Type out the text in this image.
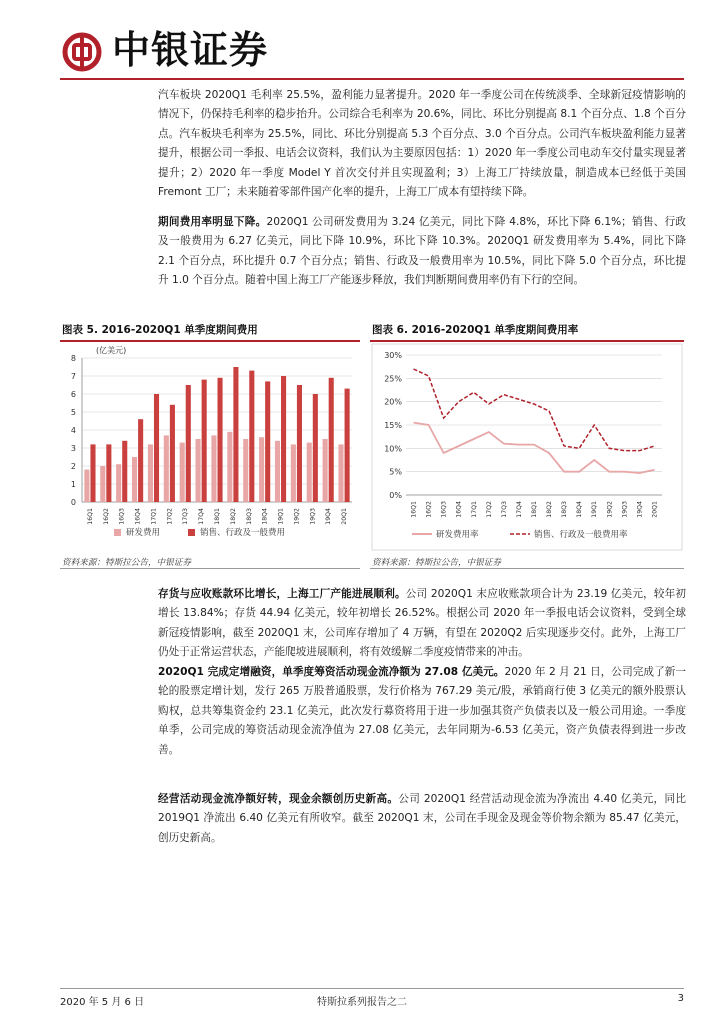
中银证券
汽车板块 2020Q1 毛利率 25.5%，盈利能力显著提升。2020 年一季度公司在传统淡季、全球新冠疫情影响的情况下，仍保持毛利率的稳步抬升。公司综合毛利率为 20.6%，同比、环比分别提高 8.1 个百分点、1.8 个百分点。汽车板块毛利率为 25.5%，同比、环比分别提高 5.3 个百分点、3.0 个百分点。公司汽车板块盈利能力显著提升，根据公司一季报、电话会议资料，我们认为主要原因包括：1）2020 年一季度公司电动车交付量实现显著提升；2）2020 年一季度 Model Y 首次交付并且实现盈利；3）上海工厂持续放量，制造成本已经低于美国 Fremont 工厂；未来随着零部件国产化率的提升，上海工厂成本有望持续下降。
期间费用率明显下降。2020Q1 公司研发费用为 3.24 亿美元，同比下降 4.8%，环比下降 6.1%；销售、行政及一般费用为 6.27 亿美元，同比下降 10.9%，环比下降 10.3%。2020Q1 研发费用率为 5.4%，同比下降 2.1 个百分点，环比提升 0.7 个百分点；销售、行政及一般费用率为 10.5%，同比下降 5.0 个百分点，环比提升 1.0 个百分点。随着中国上海工厂产能逐步释放，我们判断期间费用率仍有下行的空间。
图表 5. 2016-2020Q1 单季度期间费用	图表 6. 2016-2020Q1 单季度期间费用率
(亿美元)
0
1
2
3
4
5
6
7
8
16Q1 16Q2 16Q3 16Q4 17Q1 17Q2 17Q3 17Q4 18Q1 18Q2 18Q3 18Q4 19Q1 19Q2 19Q3 19Q4 20Q1
研发费用	销售、行政及一般费用
0%
5%
10%
15%
20%
25%
30%
16Q1 16Q2 16Q3 16Q4 17Q1 17Q2 17Q3 17Q4 18Q1 18Q2 18Q3 18Q4 19Q1 19Q2 19Q3 19Q4 20Q1
研发费用率	销售、行政及一般费用率
资料来源：特斯拉公告，中银证券	资料来源：特斯拉公告，中银证券
存货与应收账款环比增长，上海工厂产能进展顺利。公司 2020Q1 末应收账款项合计为 23.19 亿美元，较年初增长 13.84%；存货 44.94 亿美元，较年初增长 26.52%。根据公司 2020 年一季报电话会议资料，受到全球新冠疫情影响，截至 2020Q1 末，公司库存增加了 4 万辆，有望在 2020Q2 后实现逐步交付。此外，上海工厂仍处于正常运营状态，产能爬坡进展顺利，将有效缓解二季度疫情带来的冲击。
2020Q1 完成定增融资，单季度筹资活动现金流净额为 27.08 亿美元。2020 年 2 月 21 日，公司完成了新一轮的股票定增计划，发行 265 万股普通股票，发行价格为 767.29 美元/股，承销商行使 3 亿美元的额外股票认购权，总共筹集资金约 23.1 亿美元，此次发行募资将用于进一步加强其资产负债表以及一般公司用途。一季度单季，公司完成的筹资活动现金流净值为 27.08 亿美元，去年同期为-6.53 亿美元，资产负债表得到进一步改善。
经营活动现金流净额好转，现金余额创历史新高。公司 2020Q1 经营活动现金流为净流出 4.40 亿美元，同比 2019Q1 净流出 6.40 亿美元有所收窄。截至 2020Q1 末，公司在手现金及现金等价物余额为 85.47 亿美元，创历史新高。
特斯拉系列报告之二
2020 年 5 月 6 日	3
